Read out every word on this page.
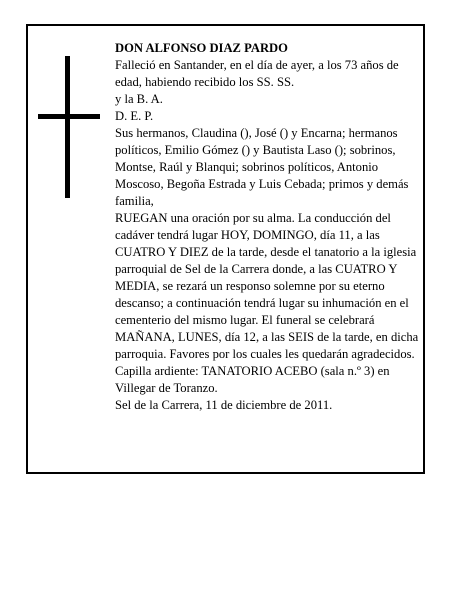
DON ALFONSO DIAZ PARDO

Falleció en Santander, en el día de ayer, a los 73 años de edad, habiendo recibido los SS. SS.

y la B. A.

D. E. P.

Sus hermanos, Claudina (), José () y Encarna; hermanos políticos, Emilio Gómez () y Bautista Laso (); sobrinos, Montse, Raúl y Blanqui; sobrinos políticos, Antonio Moscoso, Begoña Estrada y Luis Cebada; primos y demás familia,

RUEGAN una oración por su alma. La conducción del cadáver tendrá lugar HOY, DOMINGO, día 11, a las CUATRO Y DIEZ de la tarde, desde el tanatorio a la iglesia parroquial de Sel de la Carrera donde, a las CUATRO Y MEDIA, se rezará un responso solemne por su eterno descanso; a continuación tendrá lugar su inhumación en el cementerio del mismo lugar. El funeral se celebrará MAÑANA, LUNES, día 12, a las SEIS de la tarde, en dicha parroquia. Favores por los cuales les quedarán agradecidos.

Capilla ardiente: TANATORIO ACEBO (sala n.º 3) en Villegar de Toranzo.

Sel de la Carrera, 11 de diciembre de 2011.
